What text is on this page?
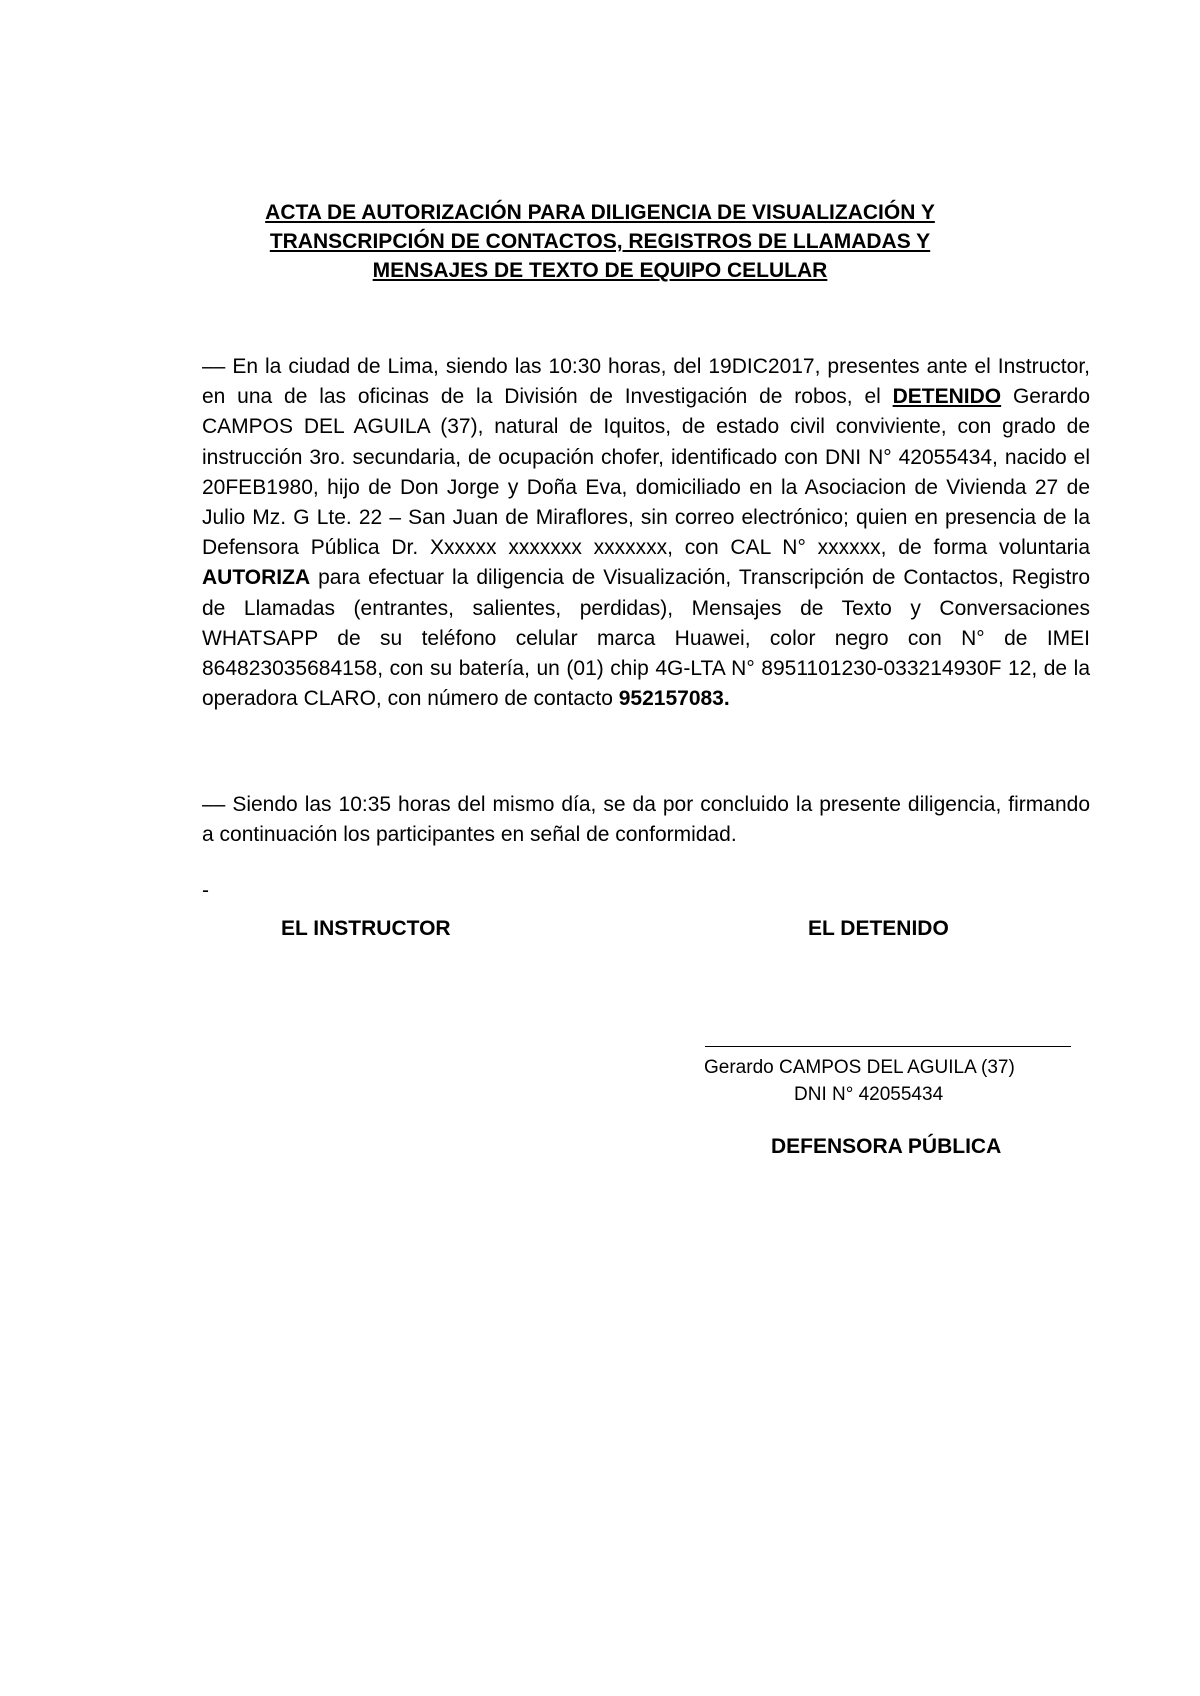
ACTA DE AUTORIZACIÓN PARA DILIGENCIA DE VISUALIZACIÓN Y
TRANSCRIPCIÓN DE CONTACTOS, REGISTROS DE LLAMADAS Y
MENSAJES DE TEXTO DE EQUIPO CELULAR

–– En la ciudad de Lima, siendo las 10:30 horas, del 19DIC2017, presentes ante el Instructor, en una de las oficinas de la División de Investigación de robos, el DETENIDO Gerardo CAMPOS DEL AGUILA (37), natural de Iquitos, de estado civil conviviente, con grado de instrucción 3ro. secundaria, de ocupación chofer, identificado con DNI N° 42055434, nacido el 20FEB1980, hijo de Don Jorge y Doña Eva, domiciliado en la Asociacion de Vivienda 27 de Julio Mz. G Lte. 22 – San Juan de Miraflores, sin correo electrónico; quien en presencia de la Defensora Pública Dr. Xxxxxx xxxxxxx xxxxxxx, con CAL N° xxxxxx, de forma voluntaria AUTORIZA para efectuar la diligencia de Visualización, Transcripción de Contactos, Registro de Llamadas (entrantes, salientes, perdidas), Mensajes de Texto y Conversaciones WHATSAPP de su teléfono celular marca Huawei, color negro con N° de IMEI 864823035684158, con su batería, un (01) chip 4G-LTA N° 8951101230-033214930F 12, de la operadora CLARO, con número de contacto 952157083.

–– Siendo las 10:35 horas del mismo día, se da por concluido la presente diligencia, firmando a continuación los participantes en señal de conformidad.

-
EL INSTRUCTOR	EL DETENIDO
Gerardo CAMPOS DEL AGUILA (37)
DNI N° 42055434
DEFENSORA PÚBLICA
